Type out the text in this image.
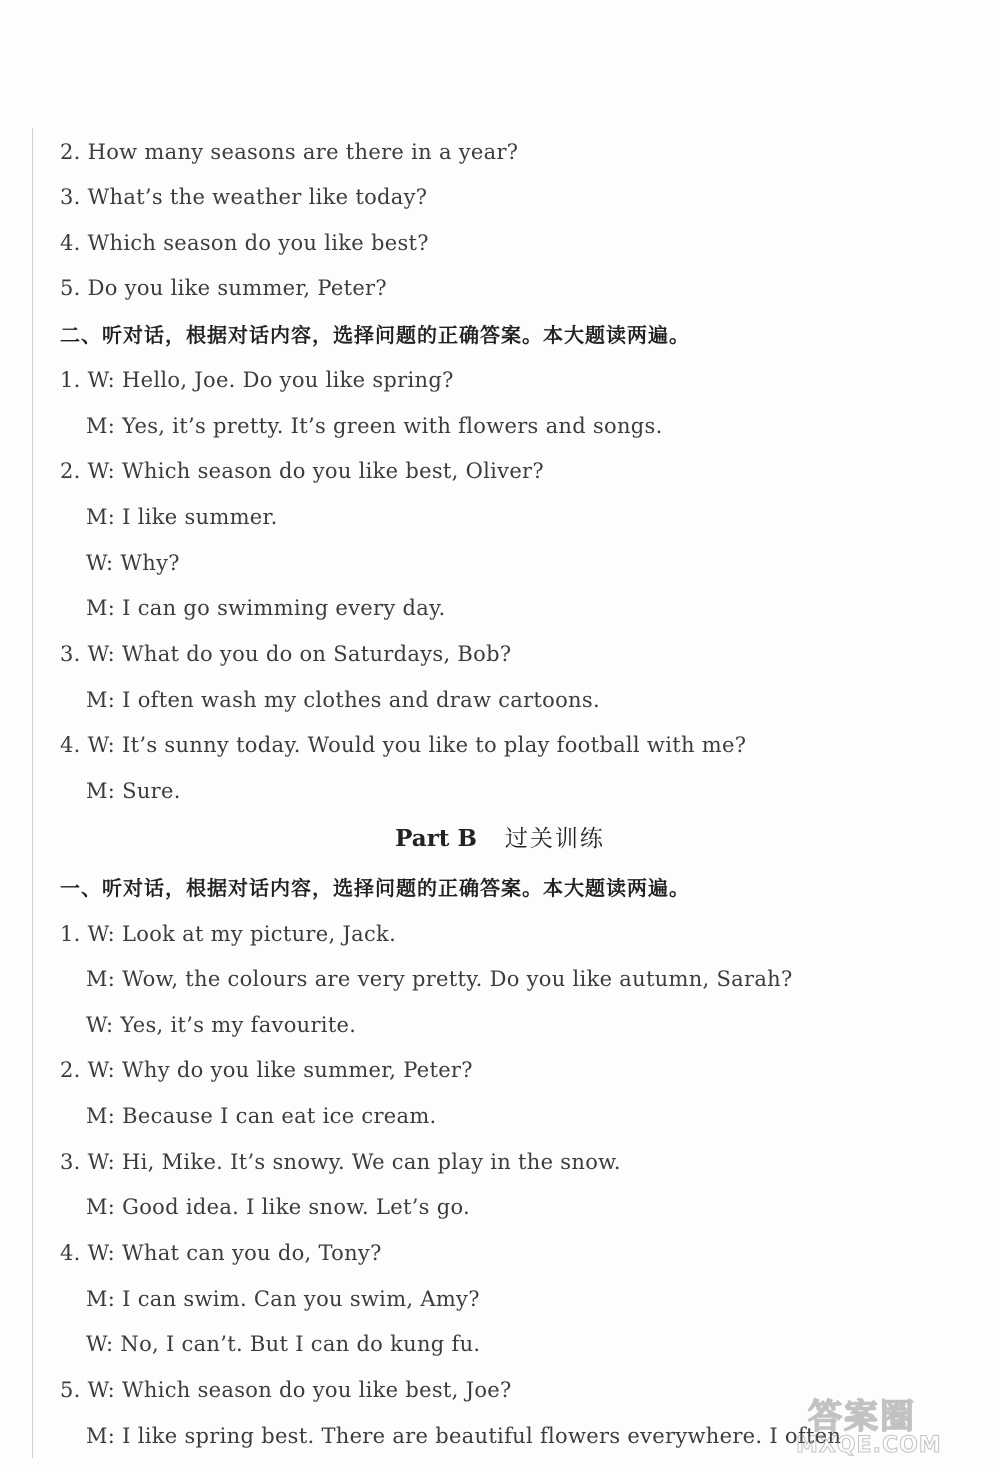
2. How many seasons are there in a year?
3. What’s the weather like today?
4. Which season do you like best?
5. Do you like summer, Peter?
二、听对话，根据对话内容，选择问题的正确答案。本大题读两遍。
1. W: Hello, Joe. Do you like spring?
M: Yes, it’s pretty. It’s green with flowers and songs.
2. W: Which season do you like best, Oliver?
M: I like summer.
W: Why?
M: I can go swimming every day.
3. W: What do you do on Saturdays, Bob?
M: I often wash my clothes and draw cartoons.
4. W: It’s sunny today. Would you like to play football with me?
M: Sure.
Part B 过关训练
一、听对话，根据对话内容，选择问题的正确答案。本大题读两遍。
1. W: Look at my picture, Jack.
M: Wow, the colours are very pretty. Do you like autumn, Sarah?
W: Yes, it’s my favourite.
2. W: Why do you like summer, Peter?
M: Because I can eat ice cream.
3. W: Hi, Mike. It’s snowy. We can play in the snow.
M: Good idea. I like snow. Let’s go.
4. W: What can you do, Tony?
M: I can swim. Can you swim, Amy?
W: No, I can’t. But I can do kung fu.
5. W: Which season do you like best, Joe?
M: I like spring best. There are beautiful flowers everywhere. I often
答案圈
MXQE.COM
